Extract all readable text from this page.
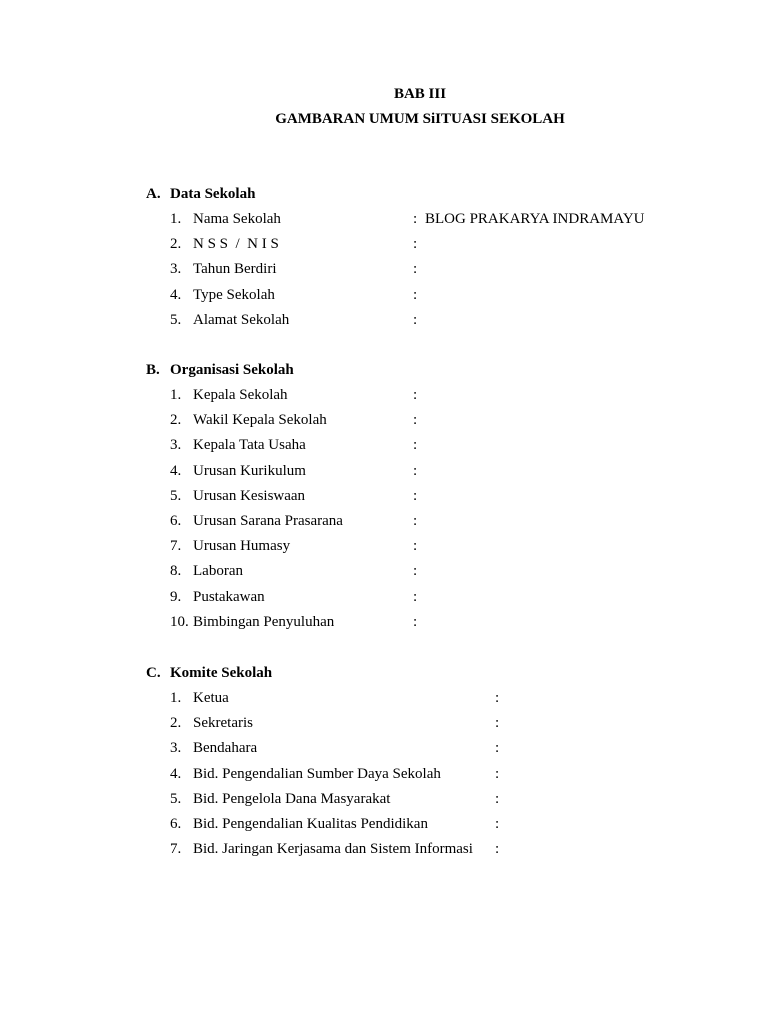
BAB III
GAMBARAN UMUM SiITUASI SEKOLAH
A. Data Sekolah
1. Nama Sekolah	: BLOG PRAKARYA INDRAMAYU
2. N S S  /  N I S	:
3. Tahun Berdiri	:
4. Type Sekolah	:
5. Alamat Sekolah	:
B. Organisasi Sekolah
1. Kepala Sekolah	:
2. Wakil Kepala Sekolah	:
3. Kepala Tata Usaha	:
4. Urusan Kurikulum	:
5. Urusan Kesiswaan	:
6. Urusan Sarana Prasarana	:
7. Urusan Humasy	:
8. Laboran	:
9. Pustakawan	:
10. Bimbingan Penyuluhan	:
C. Komite Sekolah
1. Ketua	:
2. Sekretaris	:
3. Bendahara	:
4. Bid. Pengendalian Sumber Daya Sekolah	:
5. Bid. Pengelola Dana Masyarakat	:
6. Bid. Pengendalian Kualitas Pendidikan	:
7. Bid. Jaringan Kerjasama dan Sistem Informasi :
